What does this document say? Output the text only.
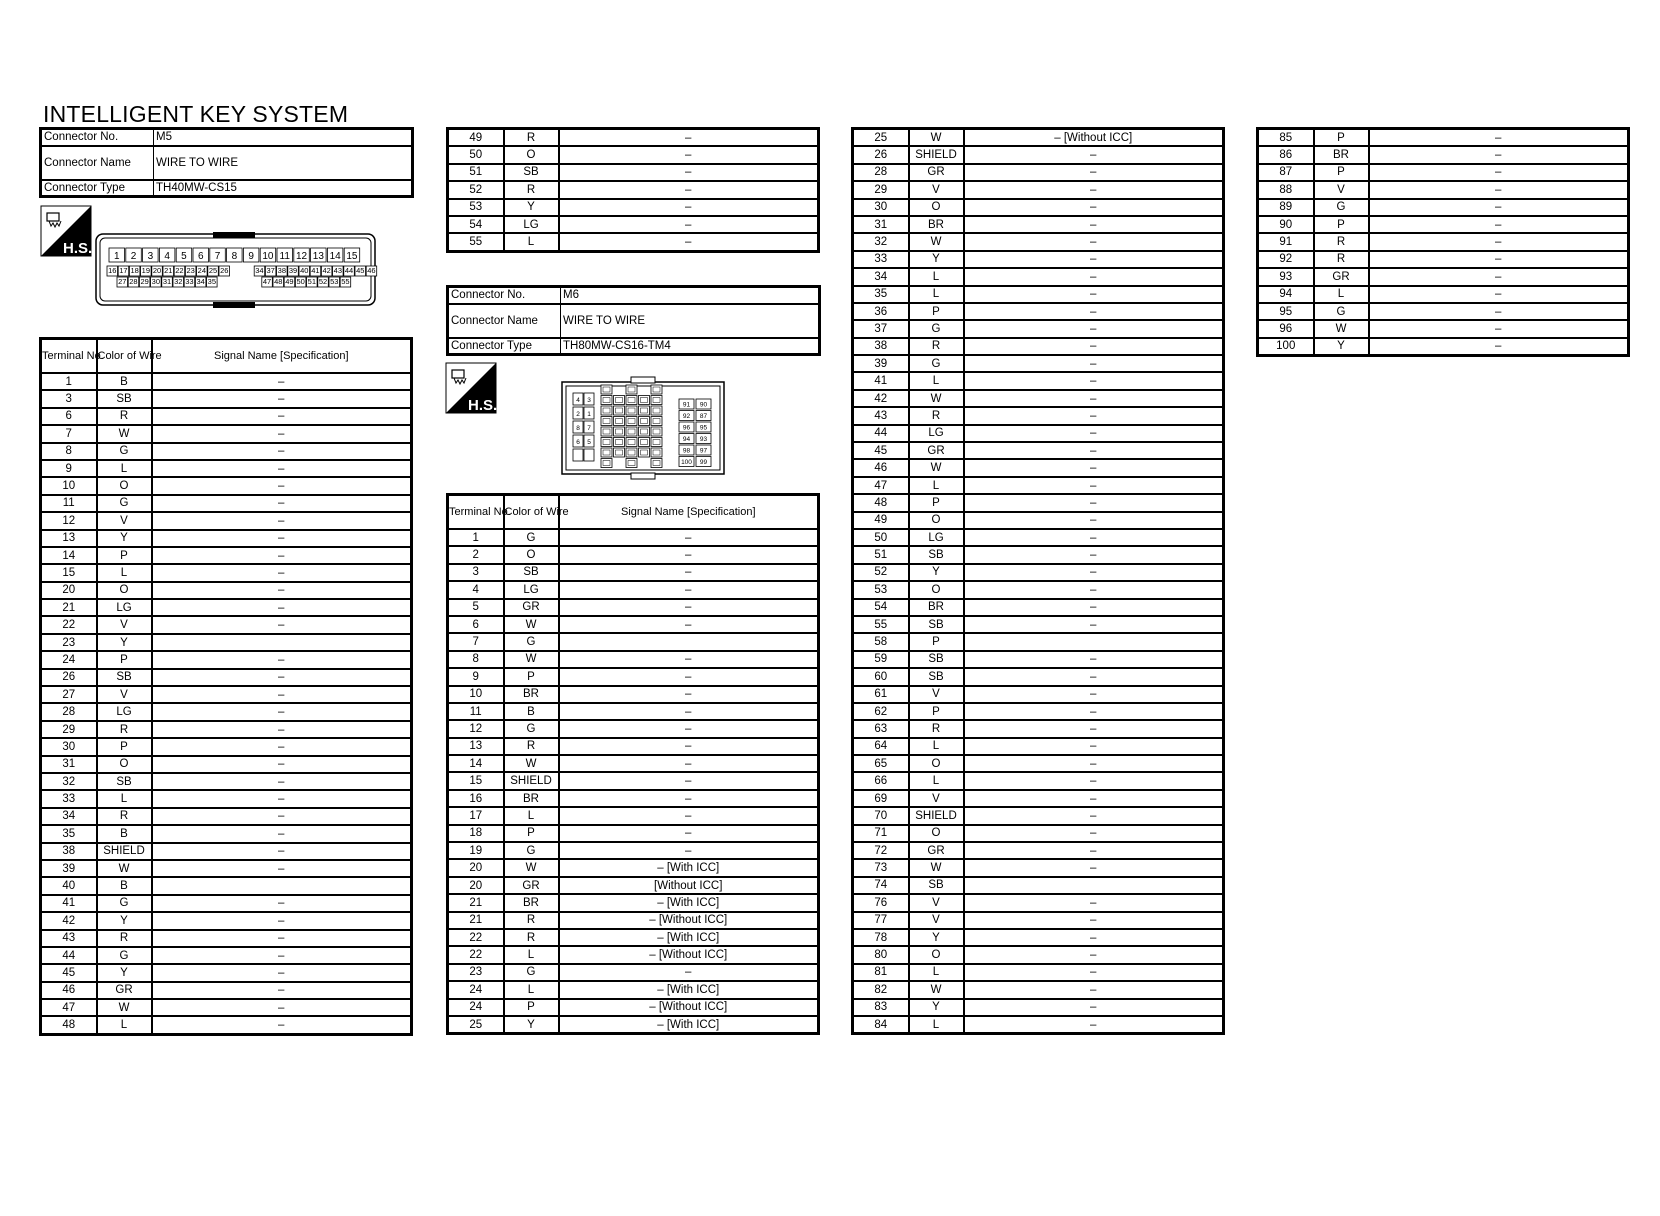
INTELLIGENT KEY SYSTEM
Connector No.	M5
Connector Name	WIRE TO WIRE
Connector Type	TH40MW-CS15
H.S. 1 2 3 4 5 6 7 8 9 10 11 12 13 14 15
16 17 18 19 20 21 22 23 24 25 26	34 37 38 39 40 41 42 43 44 45 46
27 28 29 30 31 32 33 34 35	47 48 49 50 51 52 53 55
Connector No.	M6
Connector Name	WIRE TO WIRE
Connector Type	TH80MW-CS16-TM4
H.S.	4 3
2 1
8 7
6 5
91 90
92 87
96 95
94 93
98 97
100 99
Terminal No.	Color of Wire	Signal Name [Specification]
1	B	–
3	SB	–
6	R	–
7	W	–
8	G	–
9	L	–
10	O	–
11	G	–
12	V	–
13	Y	–
14	P	–
15	L	–
20	O	–
21	LG	–
22	V	–
23	Y	
24	P	–
26	SB	–
27	V	–
28	LG	–
29	R	–
30	P	–
31	O	–
32	SB	–
33	L	–
34	R	–
35	B	–
38	SHIELD	–
39	W	–
40	B	
41	G	–
42	Y	–
43	R	–
44	G	–
45	Y	–
46	GR	–
47	W	–
48	L	–
49	R	–
50	O	–
51	SB	–
52	R	–
53	Y	–
54	LG	–
55	L	–
Terminal No.	Color of Wire	Signal Name [Specification]
1	G	–
2	O	–
3	SB	–
4	LG	–
5	GR	–
6	W	–
7	G	
8	W	–
9	P	–
10	BR	–
11	B	–
12	G	–
13	R	–
14	W	–
15	SHIELD	–
16	BR	–
17	L	–
18	P	–
19	G	–
20	W	– [With ICC]
20	GR	[Without ICC]
21	BR	– [With ICC]
21	R	– [Without ICC]
22	R	– [With ICC]
22	L	– [Without ICC]
23	G	–
24	L	– [With ICC]
24	P	– [Without ICC]
25	Y	– [With ICC]
25	W	– [Without ICC]
26	SHIELD	–
28	GR	–
29	V	–
30	O	–
31	BR	–
32	W	–
33	Y	–
34	L	–
35	L	–
36	P	–
37	G	–
38	R	–
39	G	–
41	L	–
42	W	–
43	R	–
44	LG	–
45	GR	–
46	W	–
47	L	–
48	P	–
49	O	–
50	LG	–
51	SB	–
52	Y	–
53	O	–
54	BR	–
55	SB	–
58	P	
59	SB	–
60	SB	–
61	V	–
62	P	–
63	R	–
64	L	–
65	O	–
66	L	–
69	V	–
70	SHIELD	–
71	O	–
72	GR	–
73	W	–
74	SB	
76	V	–
77	V	–
78	Y	–
80	O	–
81	L	–
82	W	–
83	Y	–
84	L	–
85	P	–
86	BR	–
87	P	–
88	V	–
89	G	–
90	P	–
91	R	–
92	R	–
93	GR	–
94	L	–
95	G	–
96	W	–
100	Y	–
